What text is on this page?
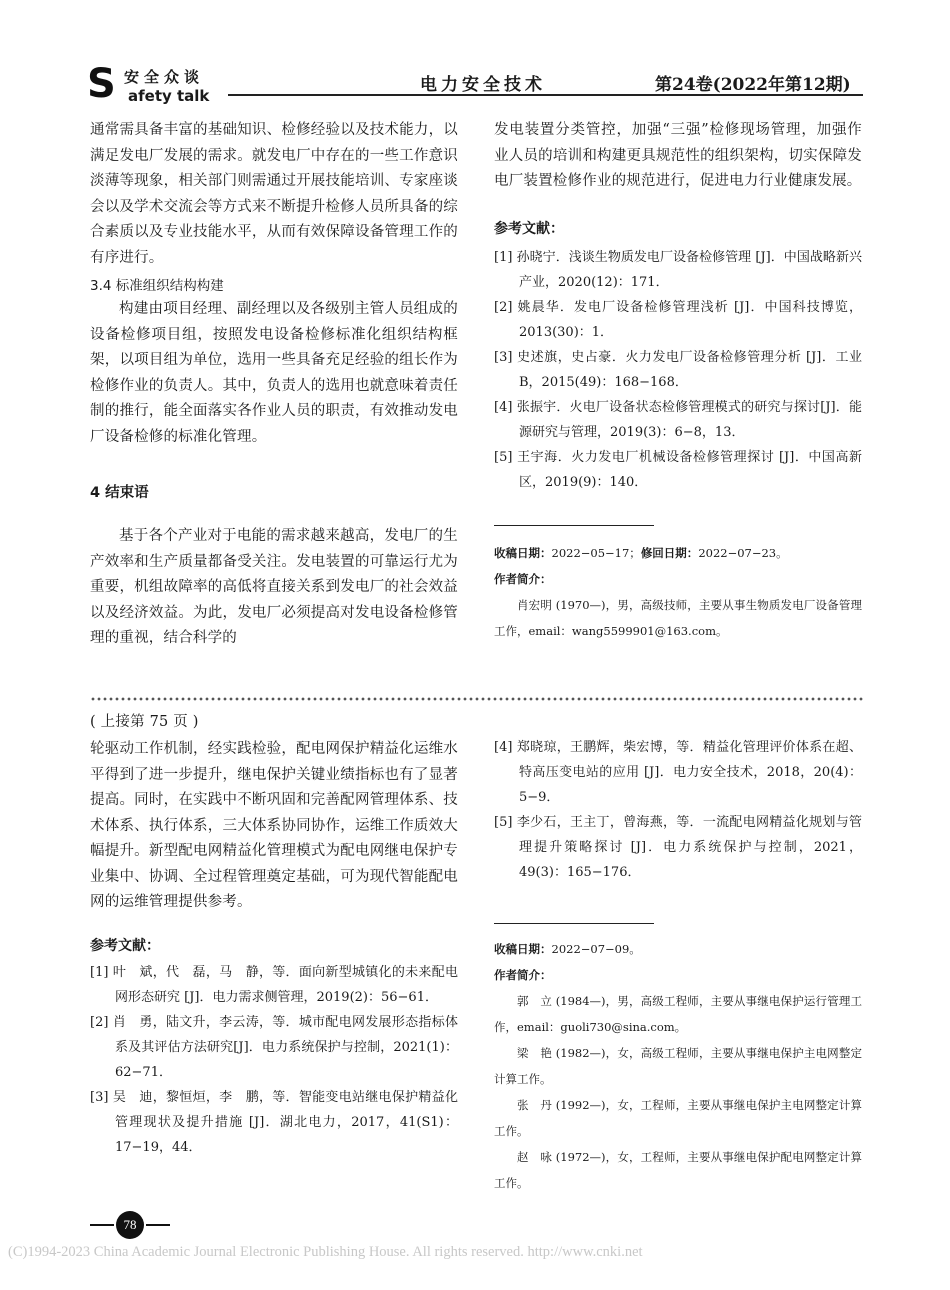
S 安全众谈
afety talk
电力安全技术	第24卷(2022年第12期)

通常需具备丰富的基础知识、检修经验以及技术能力，以满足发电厂发展的需求。就发电厂中存在的一些工作意识淡薄等现象，相关部门则需通过开展技能培训、专家座谈会以及学术交流会等方式来不断提升检修人员所具备的综合素质以及专业技能水平，从而有效保障设备管理工作的有序进行。

3.4 标准组织结构构建

构建由项目经理、副经理以及各级别主管人员组成的设备检修项目组，按照发电设备检修标准化组织结构框架，以项目组为单位，选用一些具备充足经验的组长作为检修作业的负责人。其中，负责人的选用也就意味着责任制的推行，能全面落实各作业人员的职责，有效推动发电厂设备检修的标准化管理。

4 结束语

基于各个产业对于电能的需求越来越高，发电厂的生产效率和生产质量都备受关注。发电装置的可靠运行尤为重要，机组故障率的高低将直接关系到发电厂的社会效益以及经济效益。为此，发电厂必须提高对发电设备检修管理的重视，结合科学的

发电装置分类管控，加强“三强”检修现场管理，加强作业人员的培训和构建更具规范性的组织架构，切实保障发电厂装置检修作业的规范进行，促进电力行业健康发展。

参考文献：
[1] 孙晓宁．浅谈生物质发电厂设备检修管理 [J]．中国战略新兴产业，2020(12)：171．
[2] 姚晨华．发电厂设备检修管理浅析 [J]．中国科技博览，2013(30)：1．
[3] 史述旗，史占豪．火力发电厂设备检修管理分析 [J]．工业 B，2015(49)：168−168．
[4] 张振宇．火电厂设备状态检修管理模式的研究与探讨[J]．能源研究与管理，2019(3)：6−8，13．
[5] 王宇海．火力发电厂机械设备检修管理探讨 [J]．中国高新区，2019(9)：140．

收稿日期：2022−05−17；修回日期：2022−07−23。

作者简介：

肖宏明 (1970—)，男，高级技师，主要从事生物质发电厂设备管理工作，email：wang5599901@163.com。

( 上接第 75 页 )

轮驱动工作机制，经实践检验，配电网保护精益化运维水平得到了进一步提升，继电保护关键业绩指标也有了显著提高。同时，在实践中不断巩固和完善配网管理体系、技术体系、执行体系，三大体系协同协作，运维工作质效大幅提升。新型配电网精益化管理模式为配电网继电保护专业集中、协调、全过程管理奠定基础，可为现代智能配电网的运维管理提供参考。

参考文献：
[1] 叶　斌，代　磊，马　静，等．面向新型城镇化的未来配电网形态研究 [J]．电力需求侧管理，2019(2)：56−61．
[2] 肖　勇，陆文升，李云涛，等．城市配电网发展形态指标体系及其评估方法研究[J]．电力系统保护与控制，2021(1)：62−71．
[3] 吴　迪，黎恒烜，李　鹏，等．智能变电站继电保护精益化管理现状及提升措施 [J]．湖北电力，2017，41(S1)：17−19，44．
[4] 郑晓琼，王鹏辉，柴宏博，等．精益化管理评价体系在超、特高压变电站的应用 [J]．电力安全技术，2018，20(4)：5−9．
[5] 李少石，王主丁，曾海燕，等．一流配电网精益化规划与管理提升策略探讨 [J]．电力系统保护与控制，2021，49(3)：165−176．

收稿日期：2022−07−09。

作者简介：

郭　立 (1984—)，男，高级工程师，主要从事继电保护运行管理工作，email：guoli730@sina.com。

梁　艳 (1982—)，女，高级工程师，主要从事继电保护主电网整定计算工作。

张　丹 (1992—)，女，工程师，主要从事继电保护主电网整定计算工作。

赵　咏 (1972—)，女，工程师，主要从事继电保护配电网整定计算工作。

78
(C)1994-2023 China Academic Journal Electronic Publishing House. All rights reserved. http://www.cnki.net
